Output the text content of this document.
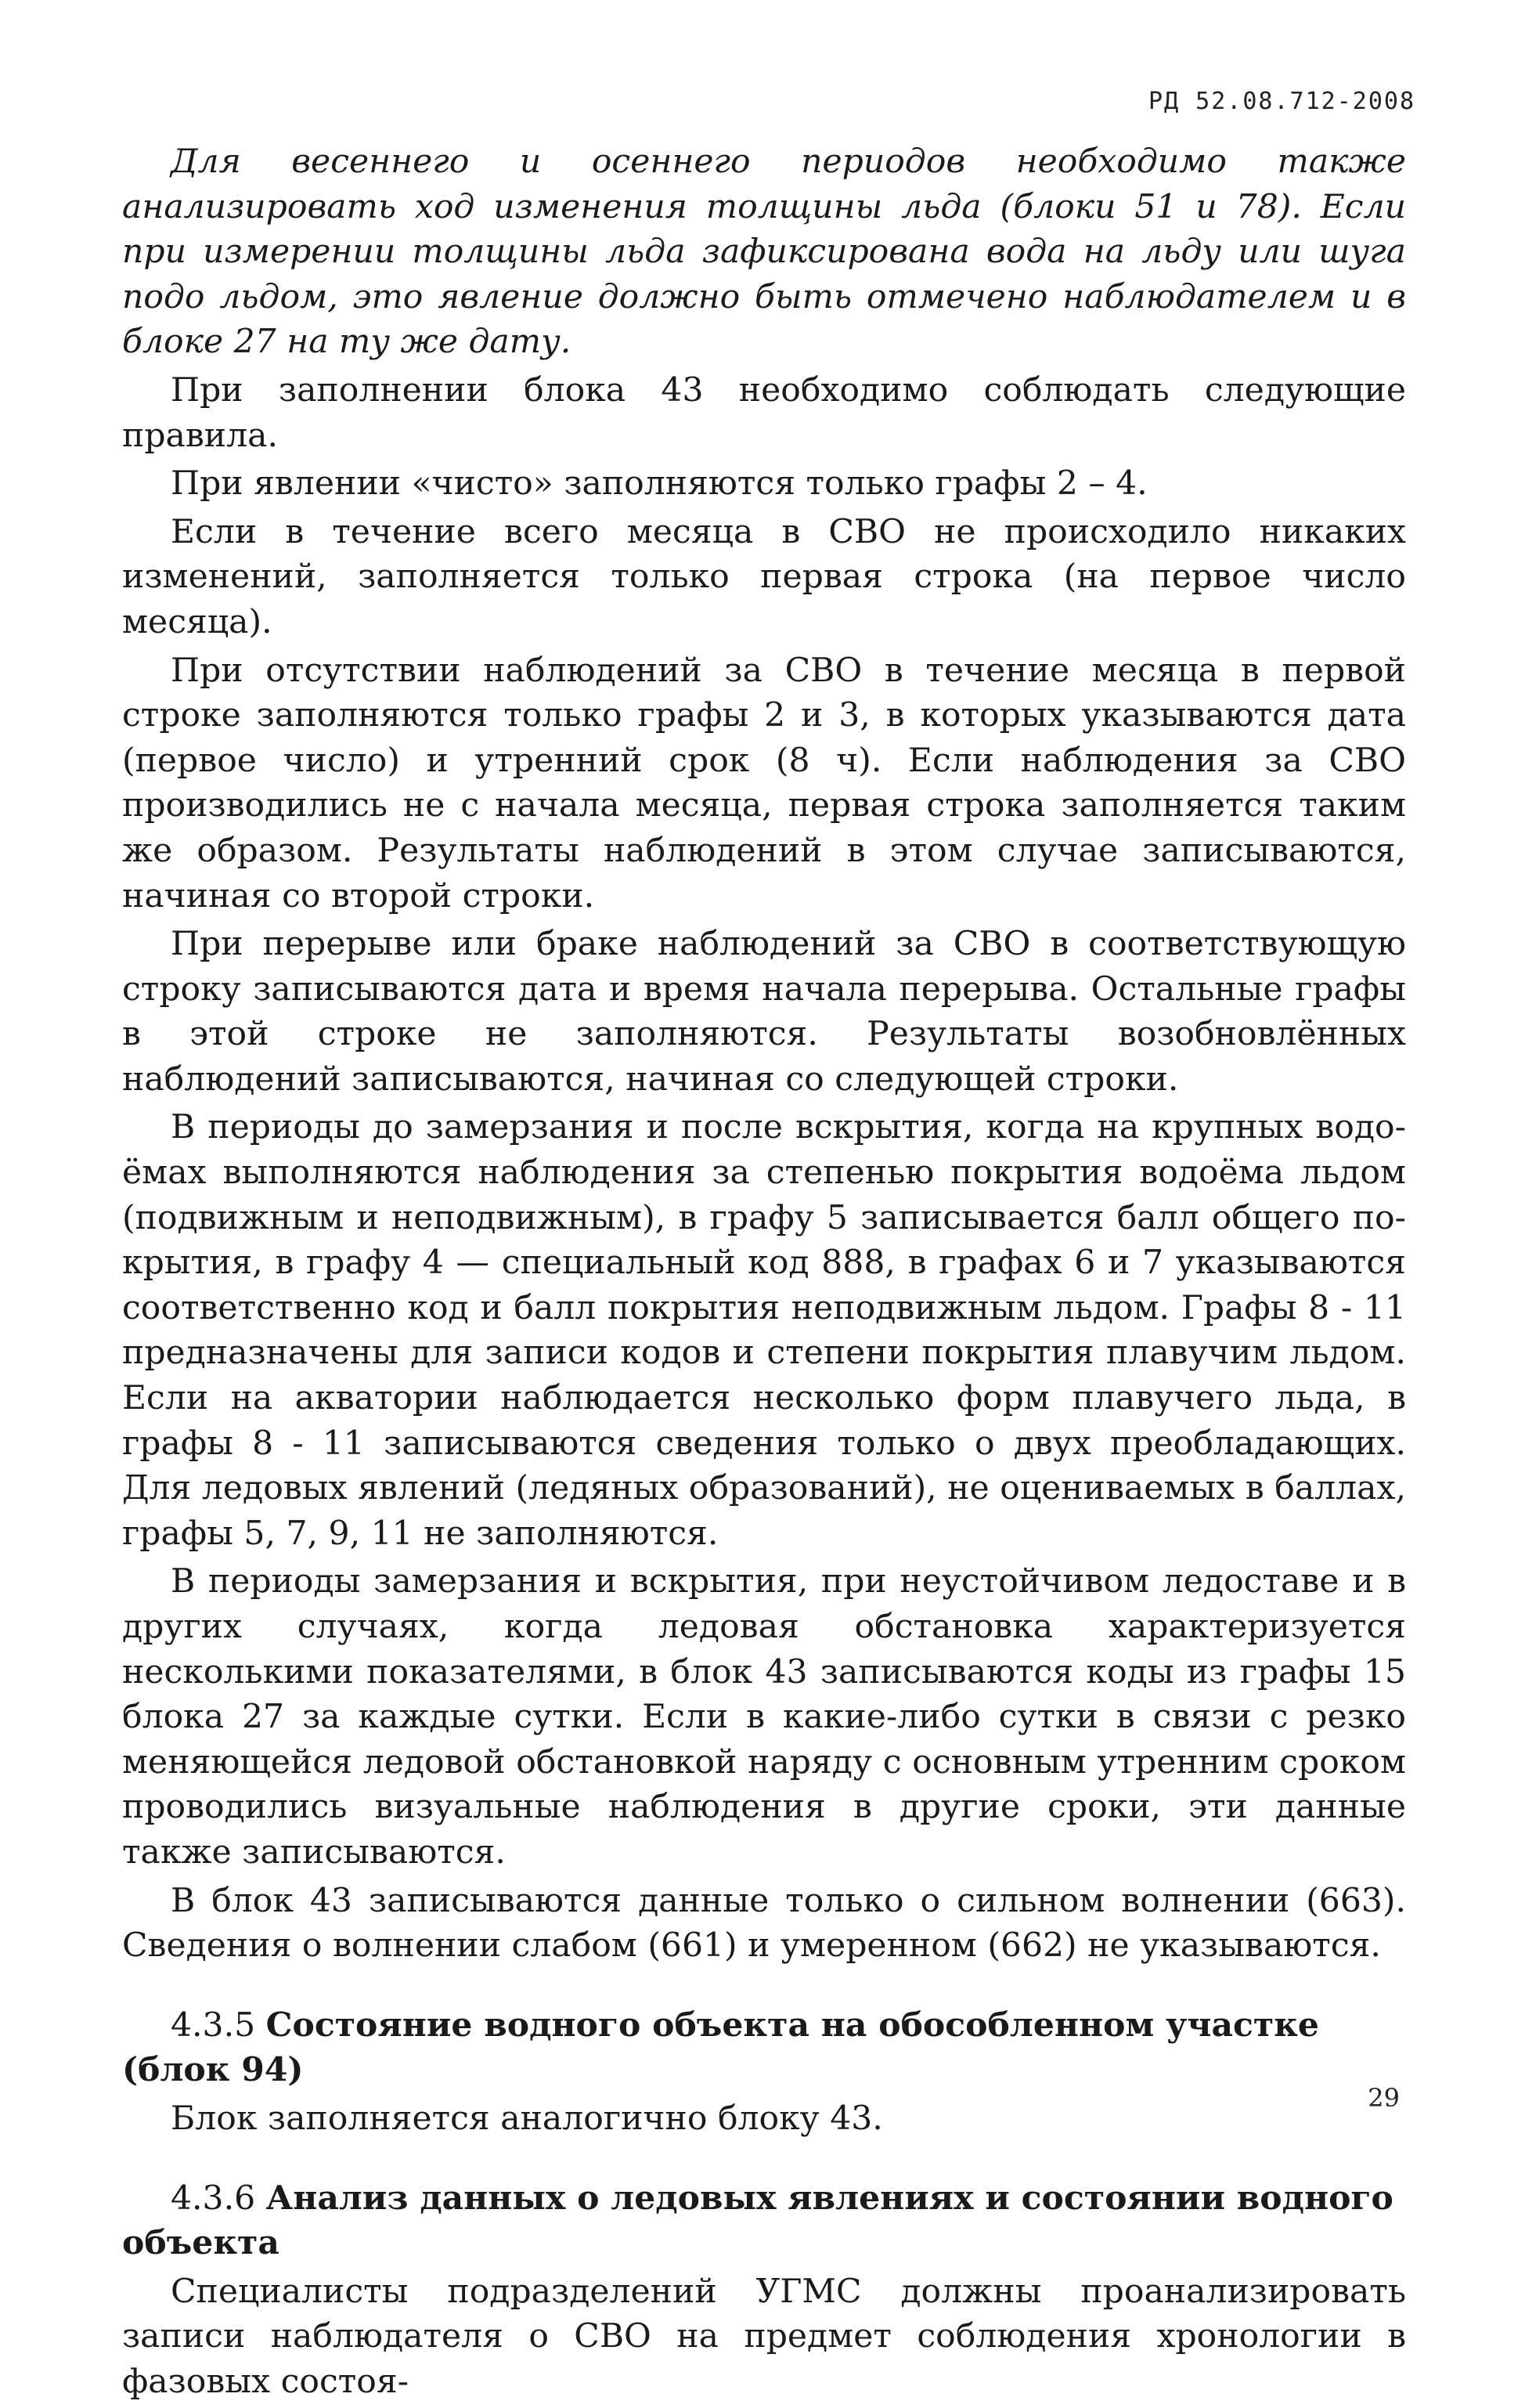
РД 52.08.712-2008

Для весеннего и осеннего периодов необходимо также анализировать ход изменения толщины льда (блоки 51 и 78). Если при измерении толщины льда зафиксирована вода на льду или шуга подо льдом, это явление должно быть отмечено наблюдателем и в блоке 27 на ту же дату.

При заполнении блока 43 необходимо соблюдать следующие правила.

При явлении «чисто» заполняются только графы 2 – 4.

Если в течение всего месяца в СВО не происходило никаких изменений, заполняется только первая строка (на первое число месяца).

При отсутствии наблюдений за СВО в течение месяца в первой строке заполняются только графы 2 и 3, в которых указываются дата (первое число) и утренний срок (8 ч). Если наблюдения за СВО производились не с начала месяца, первая строка заполняется таким же образом. Результаты наблюдений в этом случае записываются, начиная со второй строки.

При перерыве или браке наблюдений за СВО в соответствующую строку записываются дата и время начала перерыва. Остальные графы в этой строке не заполняются. Результаты возобновлённых наблюдений записываются, начиная со следующей строки.

В периоды до замерзания и после вскрытия, когда на крупных водоёмах выполняются наблюдения за степенью покрытия водоёма льдом (подвижным и неподвижным), в графу 5 записывается балл общего покрытия, в графу 4 — специальный код 888, в графах 6 и 7 указываются соответственно код и балл покрытия неподвижным льдом. Графы 8 - 11 предназначены для записи кодов и степени покрытия плавучим льдом. Если на акватории наблюдается несколько форм плавучего льда, в графы 8 - 11 записываются сведения только о двух преобладающих. Для ледовых явлений (ледяных образований), не оцениваемых в баллах, графы 5, 7, 9, 11 не заполняются.

В периоды замерзания и вскрытия, при неустойчивом ледоставе и в других случаях, когда ледовая обстановка характеризуется несколькими показателями, в блок 43 записываются коды из графы 15 блока 27 за каждые сутки. Если в какие-либо сутки в связи с резко меняющейся ледовой обстановкой наряду с основным утренним сроком проводились визуальные наблюдения в другие сроки, эти данные также записываются.

В блок 43 записываются данные только о сильном волнении (663). Сведения о волнении слабом (661) и умеренном (662) не указываются.

4.3.5 Состояние водного объекта на обособленном участке (блок 94)

Блок заполняется аналогично блоку 43.

4.3.6 Анализ данных о ледовых явлениях и состоянии водного объекта

Специалисты подразделений УГМС должны проанализировать записи наблюдателя о СВО на предмет соблюдения хронологии в фазовых состоя-

29
